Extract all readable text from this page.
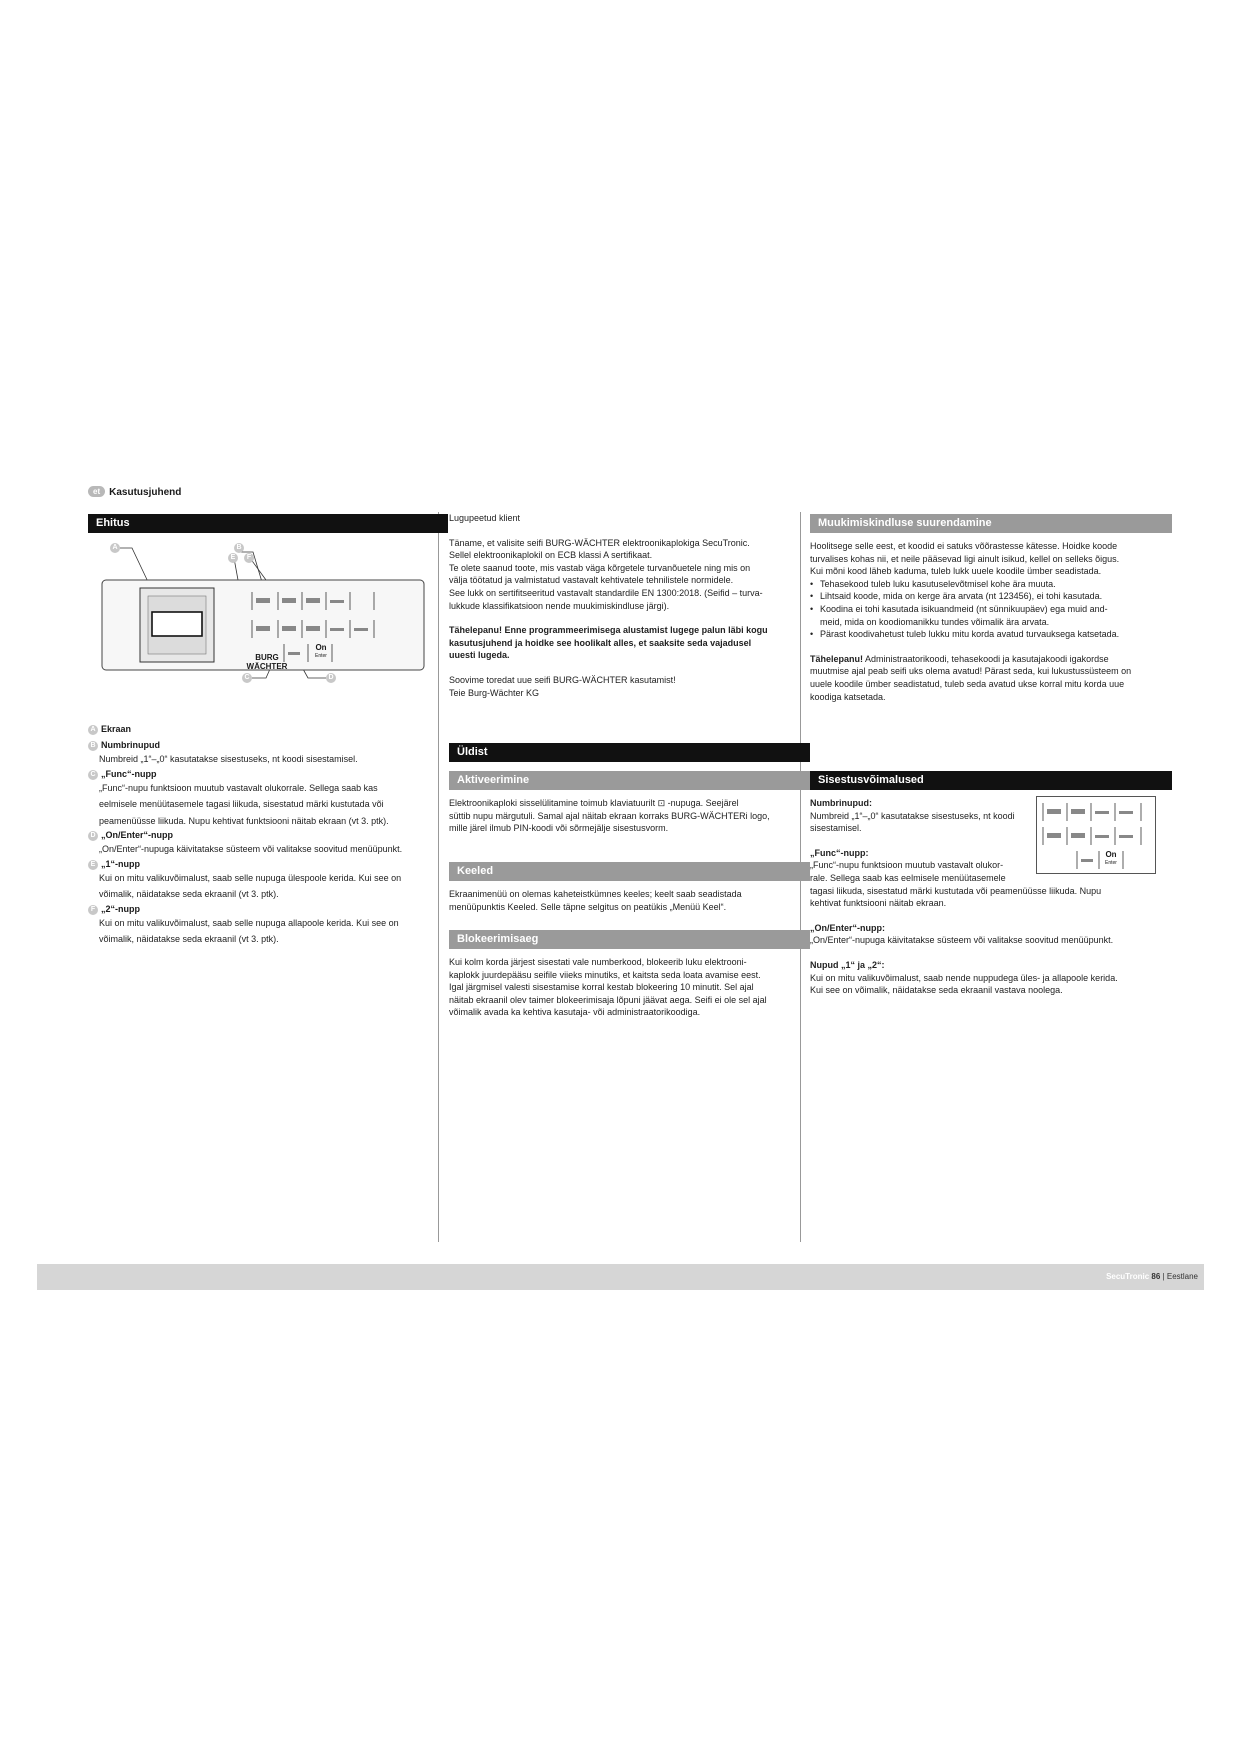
et Kasutusjuhend
Ehitus
A	B
E	F
C	D
BURG
WÄCHTER
On
Enter
A Ekraan
B Numbrinupud
Numbreid „1“–„0“ kasutatakse sisestuseks, nt koodi sisestamisel.
C „Func“-nupp
„Func“-nupu funktsioon muutub vastavalt olukorrale. Sellega saab kas
eelmisele menüütasemele tagasi liikuda, sisestatud märki kustutada või
peamenüüsse liikuda. Nupu kehtivat funktsiooni näitab ekraan (vt 3. ptk).
D „On/Enter“-nupp
„On/Enter“-nupuga käivitatakse süsteem või valitakse soovitud menüüpunkt.
E „1“-nupp
Kui on mitu valikuvõimalust, saab selle nupuga ülespoole kerida. Kui see on
võimalik, näidatakse seda ekraanil (vt 3. ptk).
F „2“-nupp
Kui on mitu valikuvõimalust, saab selle nupuga allapoole kerida. Kui see on
võimalik, näidatakse seda ekraanil (vt 3. ptk).

Lugupeetud klient

Täname, et valisite seifi BURG-WÄCHTER elektroonikaplokiga SecuTronic.

Sellel elektroonikaplokil on ECB klassi A sertifikaat.

Te olete saanud toote, mis vastab väga kõrgetele turvanõuetele ning mis on

välja töötatud ja valmistatud vastavalt kehtivatele tehnilistele normidele.

See lukk on sertifitseeritud vastavalt standardile EN 1300:2018. (Seifid – turva-

lukkude klassifikatsioon nende muukimiskindluse järgi).

Tähelepanu! Enne programmeerimisega alustamist lugege palun läbi kogu

kasutusjuhend ja hoidke see hoolikalt alles, et saaksite seda vajadusel

uuesti lugeda.

Soovime toredat uue seifi BURG-WÄCHTER kasutamist!

Teie Burg-Wächter KG

Üldist
Aktiveerimine

Elektroonikaploki sisselülitamine toimub klaviatuurilt ⊡ -nupuga. Seejärel

süttib nupu märgutuli. Samal ajal näitab ekraan korraks BURG-WÄCHTERi logo,

mille järel ilmub PIN-koodi või sõrmejälje sisestusvorm.

Keeled

Ekraanimenüü on olemas kaheteistkümnes keeles; keelt saab seadistada

menüüpunktis Keeled. Selle täpne selgitus on peatükis „Menüü Keel“.

Blokeerimisaeg

Kui kolm korda järjest sisestati vale numberkood, blokeerib luku elektrooni-

kaplokk juurdepääsu seifile viieks minutiks, et kaitsta seda loata avamise eest.

Igal järgmisel valesti sisestamise korral kestab blokeering 10 minutit. Sel ajal

näitab ekraanil olev taimer blokeerimisaja lõpuni jäävat aega. Seifi ei ole sel ajal

võimalik avada ka kehtiva kasutaja- või administraatorikoodiga.

Muukimiskindluse suurendamine

Hoolitsege selle eest, et koodid ei satuks võõrastesse kätesse. Hoidke koode

turvalises kohas nii, et neile pääsevad ligi ainult isikud, kellel on selleks õigus.

Kui mõni kood läheb kaduma, tuleb lukk uuele koodile ümber seadistada.

• Tehasekood tuleb luku kasutuselevõtmisel kohe ära muuta.
• Lihtsaid koode, mida on kerge ära arvata (nt 123456), ei tohi kasutada.
• Koodina ei tohi kasutada isikuandmeid (nt sünnikuupäev) ega muid and-
meid, mida on koodiomanikku tundes võimalik ära arvata.
• Pärast koodivahetust tuleb lukku mitu korda avatud turvauksega katsetada.

Tähelepanu! Administraatorikoodi, tehasekoodi ja kasutajakoodi igakordse

muutmise ajal peab seifi uks olema avatud! Pärast seda, kui lukustussüsteem on

uuele koodile ümber seadistatud, tuleb seda avatud ukse korral mitu korda uue

koodiga katsetada.

Sisestusvõimalused
On
Enter

Numbrinupud:

Numbreid „1“–„0“ kasutatakse sisestuseks, nt koodi

sisestamisel.

„Func“-nupp:

„Func“-nupu funktsioon muutub vastavalt olukor-

rale. Sellega saab kas eelmisele menüütasemele

tagasi liikuda, sisestatud märki kustutada või peamenüüsse liikuda. Nupu

kehtivat funktsiooni näitab ekraan.

„On/Enter“-nupp:

„On/Enter“-nupuga käivitatakse süsteem või valitakse soovitud menüüpunkt.

Nupud „1“ ja „2“:

Kui on mitu valikuvõimalust, saab nende nuppudega üles- ja allapoole kerida.

Kui see on võimalik, näidatakse seda ekraanil vastava noolega.

SecuTronic 86 | Eestlane
